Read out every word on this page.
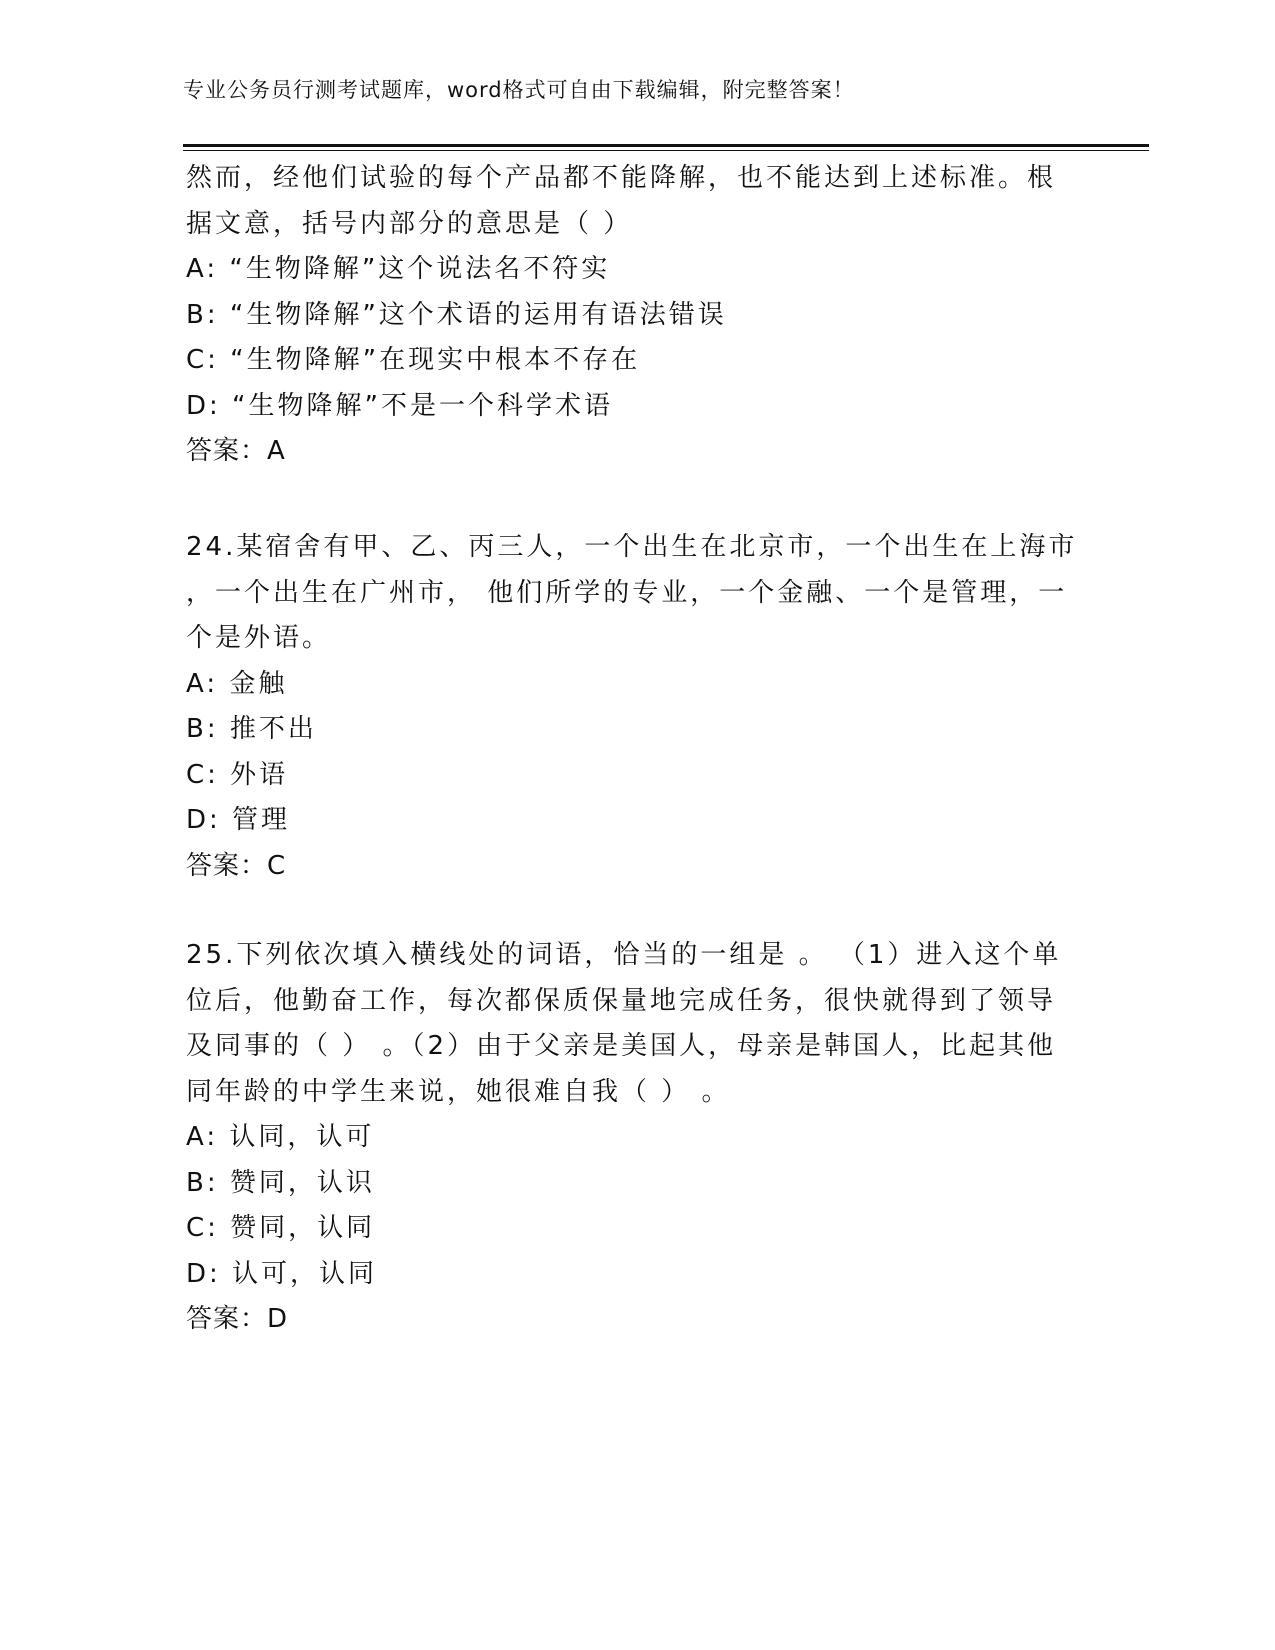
专业公务员行测考试题库，word格式可自由下载编辑，附完整答案！
然而，经他们试验的每个产品都不能降解，也不能达到上述标准。根
据文意，括号内部分的意思是（ ）
A: “生物降解”这个说法名不符实
B: “生物降解”这个术语的运用有语法错误
C: “生物降解”在现实中根本不存在
D: “生物降解”不是一个科学术语
答案：A
24.某宿舍有甲、乙、丙三人，一个出生在北京市，一个出生在上海市
，一个出生在广州市， 他们所学的专业，一个金融、一个是管理，一
个是外语。
A: 金触
B: 推不出
C: 外语
D: 管理
答案：C
25.下列依次填入横线处的词语，恰当的一组是 。 （1）进入这个单
位后，他勤奋工作，每次都保质保量地完成任务，很快就得到了领导
及同事的（ ） 。（2）由于父亲是美国人，母亲是韩国人，比起其他
同年龄的中学生来说，她很难自我（ ） 。
A: 认同，认可
B: 赞同，认识
C: 赞同，认同
D: 认可，认同
答案：D
